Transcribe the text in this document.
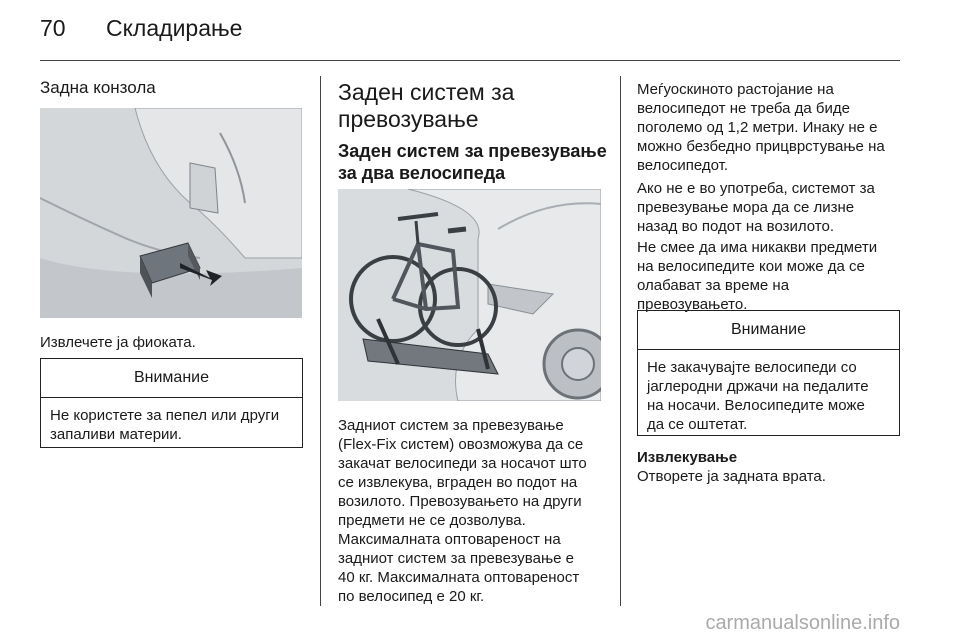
70 Складирање
Задна конзола
Извлечете ја фиоката.
Внимание
Не користете за пепел или други запаливи материи.
Заден систем за
превозување
Заден систем за превезување
за два велосипеда
Задниот систем за превезување
(Flex-Fix систем) овозможува да се
закачат велосипеди за носачот што
се извлекува, вграден во подот на
возилото. Превозувањето на други
предмети не се дозволува.
Максималната оптовареност на
задниот систем за превезување е
40 кг. Максималната оптовареност
по велосипед е 20 кг.
Меѓуоскиното растојание на
велосипедот не треба да биде
поголемо од 1,2 метри. Инаку не е
можно безбедно прицврстување на
велосипедот.
Ако не е во употреба, системот за
превезување мора да се лизне
назад во подот на возилото.
Не смее да има никакви предмети
на велосипедите кои може да се
олабават за време на
превозувањето.
Внимание
Не закачувајте велосипеди со
јаглеродни држачи на педалите
на носачи. Велосипедите може
да се оштетат.
Извлекување
Отворете ја задната врата.
carmanualsonline.info
